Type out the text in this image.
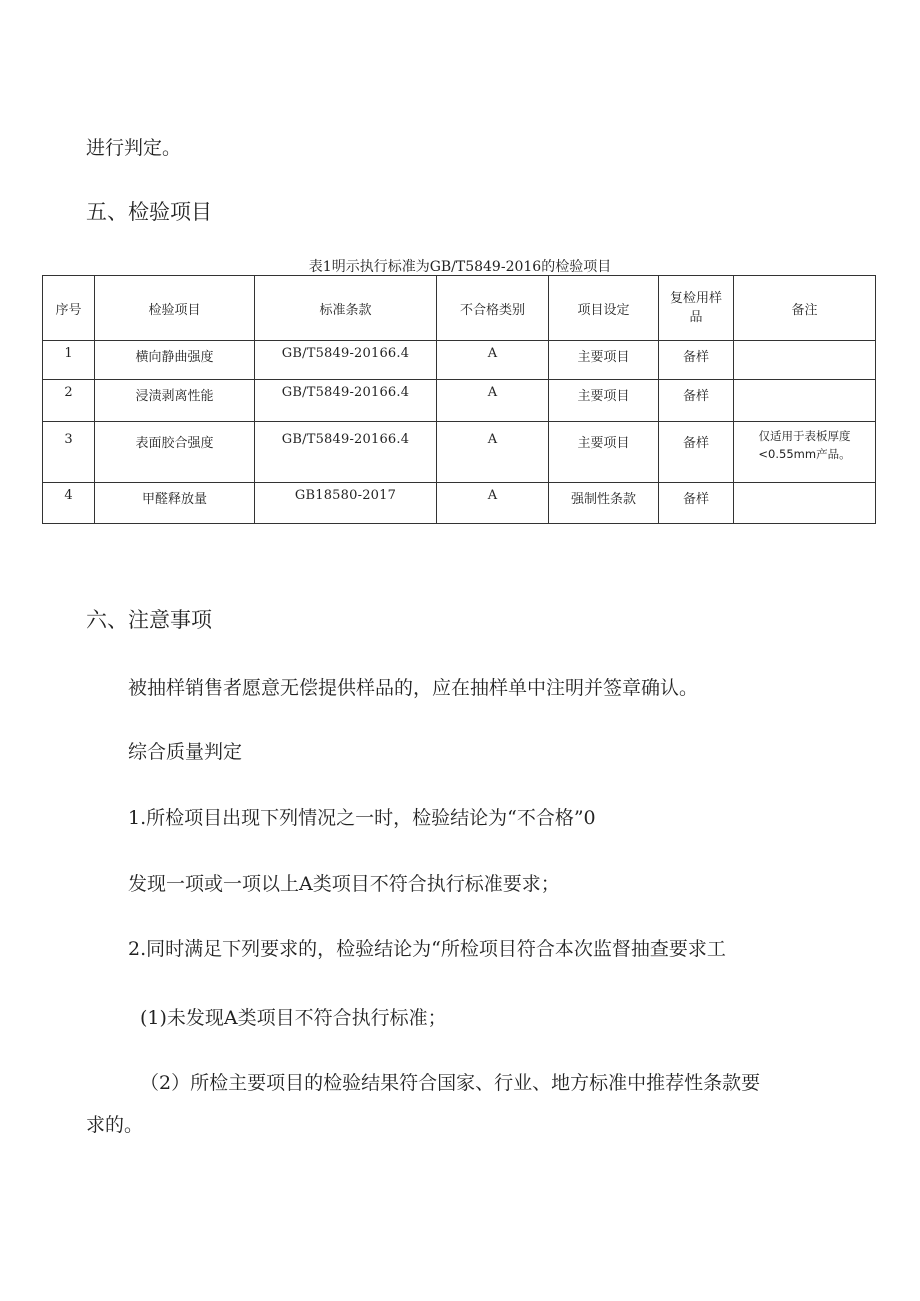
进行判定。
五、检验项目
表1明示执行标准为GB/T5849-2016的检验项目
序号	检验项目	标准条款	不合格类别	项目设定	复检用样品	备注
1	横向静曲强度	GB/T5849-20166.4	A	主要项目	备样	
2	浸渍剥离性能	GB/T5849-20166.4	A	主要项目	备样	
3	表面胶合强度	GB/T5849-20166.4	A	主要项目	备样	仅适用于表板厚度<0.55mm产品。
4	甲醛释放量	GB18580-2017	A	强制性条款	备样	
六、注意事项
被抽样销售者愿意无偿提供样品的，应在抽样单中注明并签章确认。
综合质量判定
1.所检项目出现下列情况之一时，检验结论为“不合格”0
发现一项或一项以上A类项目不符合执行标准要求；
2.同时满足下列要求的，检验结论为“所检项目符合本次监督抽查要求工
(1)未发现A类项目不符合执行标准；
（2）所检主要项目的检验结果符合国家、行业、地方标准中推荐性条款要
求的。
